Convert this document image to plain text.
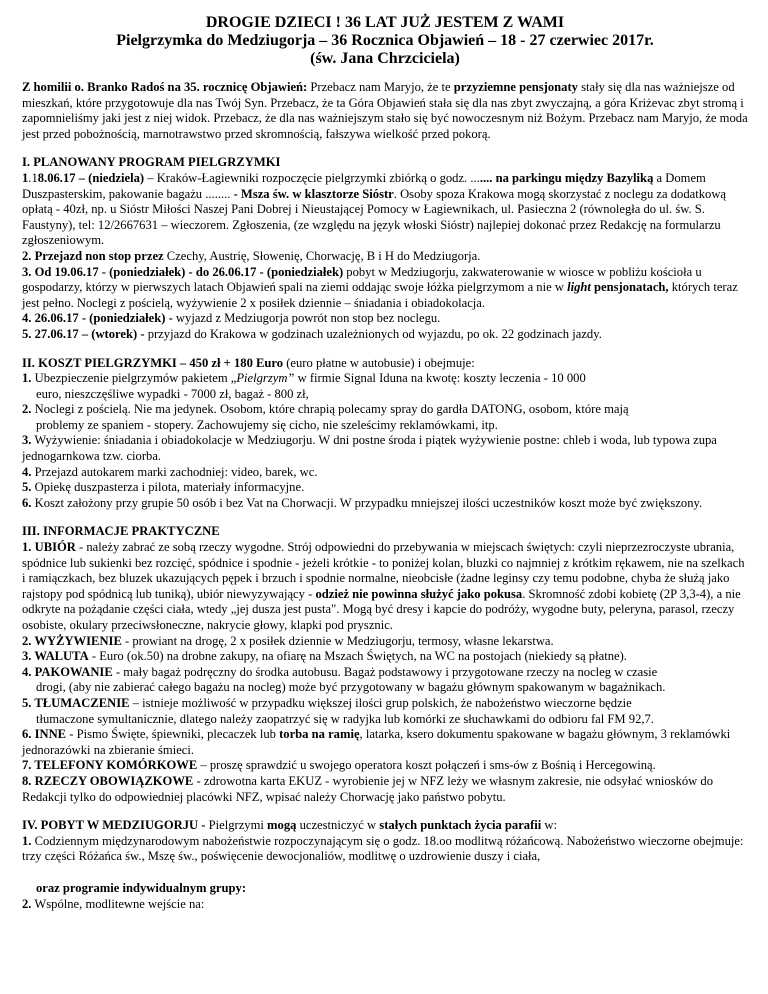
DROGIE DZIECI ! 36 LAT JUŻ JESTEM Z WAMI

Pielgrzymka do Medziugorja – 36 Rocznica Objawień – 18 - 27 czerwiec 2017r.

(św. Jana Chrzciciela)

Z homilii o. Branko Radoś na 35. rocznicę Objawień: Przebacz nam Maryjo, że te przyziemne pensjonaty stały się dla nas ważniejsze od mieszkań, które przygotowuje dla nas Twój Syn. Przebacz, że ta Góra Objawień stała się dla nas zbyt zwyczajną, a góra Kriżevac zbyt stromą i zapomnieliśmy jaki jest z niej widok. Przebacz, że dla nas ważniejszym stało się być nowoczesnym niż Bożym. Przebacz nam Maryjo, że moda jest przed pobożnością, marnotrawstwo przed skromnością, fałszywa wielkość przed pokorą.

I. PLANOWANY PROGRAM PIELGRZYMKI

1.18.06.17 – (niedziela) – Kraków-Łagiewniki rozpoczęcie pielgrzymki zbiórką o godz. ....... na parkingu między Bazyliką a Domem Duszpasterskim, pakowanie bagażu ........ - Msza św. w klasztorze Sióstr. Osoby spoza Krakowa mogą skorzystać z noclegu za dodatkową opłatą - 40zł, np. u Sióstr Miłości Naszej Pani Dobrej i Nieustającej Pomocy w Łagiewnikach, ul. Pasieczna 2 (równoległa do ul. św. S. Faustyny), tel: 12/2667631 – wieczorem. Zgłoszenia, (ze względu na język włoski Sióstr) najlepiej dokonać przez Redakcję na formularzu zgłoszeniowym.

2. Przejazd non stop przez Czechy, Austrię, Słowenię, Chorwację, B i H do Medziugorja.

3. Od 19.06.17 - (poniedziałek) - do 26.06.17 - (poniedziałek) pobyt w Medziugorju, zakwaterowanie w wiosce w pobliżu kościoła u gospodarzy, którzy w pierwszych latach Objawień spali na ziemi oddając swoje łóżka pielgrzymom a nie w light pensjonatach, których teraz jest pełno. Noclegi z pościelą, wyżywienie 2 x posiłek dziennie – śniadania i obiadokolacja.

4. 26.06.17 - (poniedziałek) - wyjazd z Medziugorja powrót non stop bez noclegu.

5. 27.06.17 – (wtorek) - przyjazd do Krakowa w godzinach uzależnionych od wyjazdu, po ok. 22 godzinach jazdy.

II. KOSZT PIELGRZYMKI – 450 zł + 180 Euro (euro płatne w autobusie) i obejmuje:

1. Ubezpieczenie pielgrzymów pakietem „Pielgrzym” w firmie Signal Iduna na kwotę: koszty leczenia - 10 000

euro, nieszczęśliwe wypadki - 7000 zł, bagaż - 800 zł,

2. Noclegi z pościelą. Nie ma jedynek. Osobom, które chrapią polecamy spray do gardła DATONG, osobom, które mają

problemy ze spaniem - stopery. Zachowujemy się cicho, nie szeleścimy reklamówkami, itp.

3. Wyżywienie: śniadania i obiadokolacje w Medziugorju. W dni postne środa i piątek wyżywienie postne: chleb i woda, lub typowa zupa jednogarnkowa tzw. ciorba.

4. Przejazd autokarem marki zachodniej: video, barek, wc.

5. Opiekę duszpasterza i pilota, materiały informacyjne.

6. Koszt założony przy grupie 50 osób i bez Vat na Chorwacji. W przypadku mniejszej ilości uczestników koszt może być zwiększony.

III. INFORMACJE PRAKTYCZNE

1. UBIÓR - należy zabrać ze sobą rzeczy wygodne. Strój odpowiedni do przebywania w miejscach świętych: czyli nieprzezroczyste ubrania, spódnice lub sukienki bez rozcięć, spódnice i spodnie - jeżeli krótkie - to poniżej kolan, bluzki co najmniej z krótkim rękawem, nie na szelkach i ramiączkach, bez bluzek ukazujących pępek i brzuch i spodnie normalne, nieobcisłe (żadne leginsy czy temu podobne, chyba że służą jako rajstopy pod spódnicą lub tuniką), ubiór niewyzywający - odzież nie powinna służyć jako pokusa. Skromność zdobi kobietę (2P 3,3-4), a nie odkryte na pożądanie części ciała, wtedy „jej dusza jest pusta". Mogą być dresy i kapcie do podróży, wygodne buty, peleryna, parasol, rzeczy osobiste, okulary przeciwsłoneczne, nakrycie głowy, klapki pod prysznic.

2. WYŻYWIENIE - prowiant na drogę, 2 x posiłek dziennie w Medziugorju, termosy, własne lekarstwa.

3. WALUTA - Euro (ok.50) na drobne zakupy, na ofiarę na Mszach Świętych, na WC na postojach (niekiedy są płatne).

4. PAKOWANIE - mały bagaż podręczny do środka autobusu. Bagaż podstawowy i przygotowane rzeczy na nocleg w czasie

drogi, (aby nie zabierać całego bagażu na nocleg) może być przygotowany w bagażu głównym spakowanym w bagażnikach.

5. TŁUMACZENIE – istnieje możliwość w przypadku większej ilości grup polskich, że nabożeństwo wieczorne będzie

tłumaczone symultanicznie, dlatego należy zaopatrzyć się w radyjka lub komórki ze słuchawkami do odbioru fal FM 92,7.

6. INNE - Pismo Święte, śpiewniki, plecaczek lub torba na ramię, latarka, ksero dokumentu spakowane w bagażu głównym, 3 reklamówki jednorazówki na zbieranie śmieci.

7. TELEFONY KOMÓRKOWE – proszę sprawdzić u swojego operatora koszt połączeń i sms-ów z Bośnią i Hercegowiną.

8. RZECZY OBOWIĄZKOWE - zdrowotna karta EKUZ - wyrobienie jej w NFZ leży we własnym zakresie, nie odsyłać wniosków do Redakcji tylko do odpowiedniej placówki NFZ, wpisać należy Chorwację jako państwo pobytu.

IV. POBYT W MEDZIUGORJU - Pielgrzymi mogą uczestniczyć w stałych punktach życia parafii w:

1. Codziennym międzynarodowym nabożeństwie rozpoczynającym się o godz. 18.oo modlitwą różańcową. Nabożeństwo wieczorne obejmuje: trzy części Różańca św., Mszę św., poświęcenie dewocjonaliów, modlitwę o uzdrowienie duszy i ciała,

oraz programie indywidualnym grupy:

2. Wspólne, modlitewne wejście na:
